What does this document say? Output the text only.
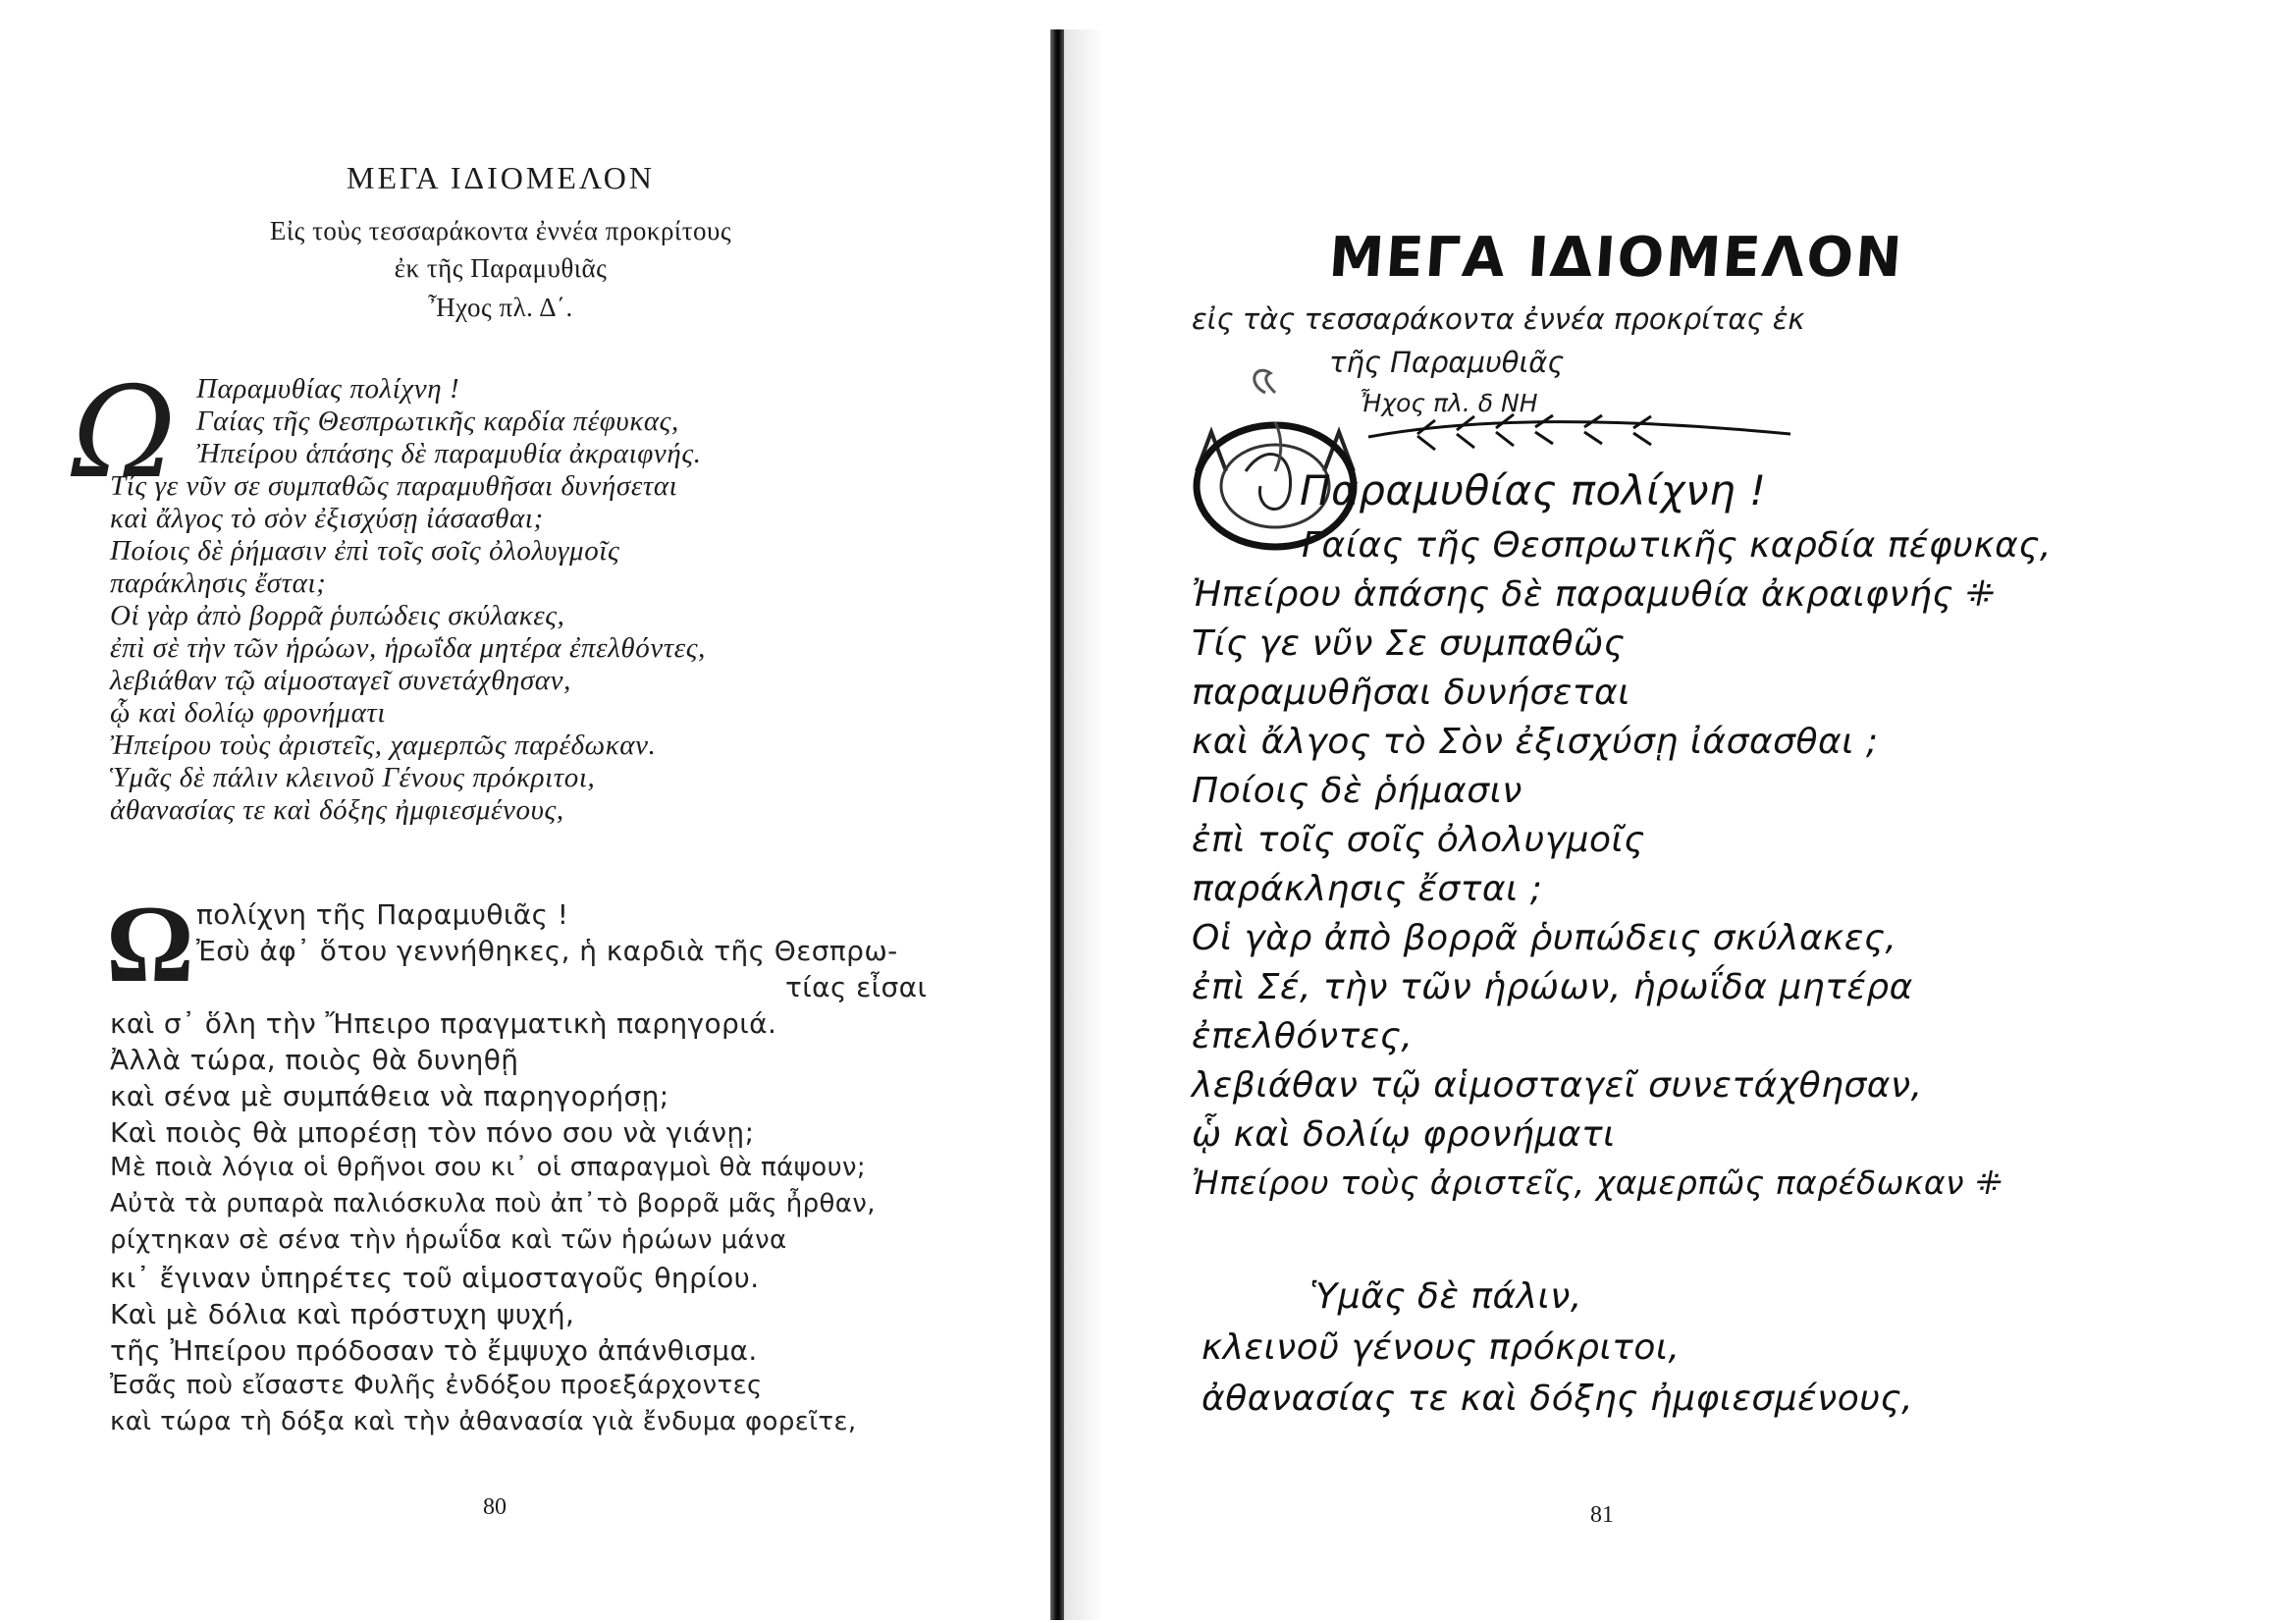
ΜΕΓΑ ΙΔΙΟΜΕΛΟΝ
Εἰς τοὺς τεσσαράκοντα ἐννέα προκρίτους
ἐκ τῆς Παραμυθιᾶς
Ἦχος πλ. Δ΄.
Ω Παραμυθίας πολίχνη !
Γαίας τῆς Θεσπρωτικῆς καρδία πέφυκας,
Ἠπείρου ἁπάσης δὲ παραμυθία ἀκραιφνής.
Τίς γε νῦν σε συμπαθῶς παραμυθῆσαι δυνήσεται
καὶ ἄλγος τὸ σὸν ἐξισχύσῃ ἰάσασθαι;
Ποίοις δὲ ῥήμασιν ἐπὶ τοῖς σοῖς ὀλολυγμοῖς
παράκλησις ἔσται;
Οἱ γὰρ ἀπὸ βορρᾶ ῥυπώδεις σκύλακες,
ἐπὶ σὲ τὴν τῶν ἡρώων, ἡρωΐδα μητέρα ἐπελθόντες,
λεβιάθαν τῷ αἱμοσταγεῖ συνετάχθησαν,
ᾧ καὶ δολίῳ φρονήματι
Ἠπείρου τοὺς ἀριστεῖς, χαμερπῶς παρέδωκαν.
Ὑμᾶς δὲ πάλιν κλεινοῦ Γένους πρόκριτοι,
ἀθανασίας τε καὶ δόξης ἠμφιεσμένους,
Ω πολίχνη τῆς Παραμυθιᾶς !
Ἐσὺ ἀφ᾽ ὅτου γεννήθηκες, ἡ καρδιὰ τῆς Θεσπρω-
τίας εἶσαι
καὶ σ᾽ ὅλη τὴν Ἤπειρο πραγματικὴ παρηγοριά.
Ἀλλὰ τώρα, ποιὸς θὰ δυνηθῇ
καὶ σένα μὲ συμπάθεια νὰ παρηγορήσῃ;
Καὶ ποιὸς θὰ μπορέσῃ τὸν πόνο σου νὰ γιάνῃ;
Μὲ ποιὰ λόγια οἱ θρῆνοι σου κι᾽ οἱ σπαραγμοὶ θὰ πάψουν;
Αὐτὰ τὰ ρυπαρὰ παλιόσκυλα ποὺ ἀπ᾽τὸ βορρᾶ μᾶς ἦρθαν,
ρίχτηκαν σὲ σένα τὴν ἡρωΐδα καὶ τῶν ἡρώων μάνα
κι᾽ ἔγιναν ὑπηρέτες τοῦ αἱμοσταγοῦς θηρίου.
Καὶ μὲ δόλια καὶ πρόστυχη ψυχή,
τῆς Ἠπείρου πρόδοσαν τὸ ἔμψυχο ἀπάνθισμα.
Ἐσᾶς ποὺ εἴσαστε Φυλῆς ἐνδόξου προεξάρχοντες
καὶ τώρα τὴ δόξα καὶ τὴν ἀθανασία γιὰ ἔνδυμα φορεῖτε,
80
ΜΕΓΑ ΙΔΙΟΜΕΛΟΝ
εἰς τὰς τεσσαράκοντα ἐννέα προκρίτας ἐκ
τῆς Παραμυθιᾶς
Ἦχος πλ. δ ΝΗ
Παραμυθίας πολίχνη !
Γαίας τῆς Θεσπρωτικῆς καρδία πέφυκας,
Ἠπείρου ἁπάσης δὲ παραμυθία ἀκραιφνής ⁜
Τίς γε νῦν Σε συμπαθῶς
παραμυθῆσαι δυνήσεται
καὶ ἄλγος τὸ Σὸν ἐξισχύσῃ ἰάσασθαι ;
Ποίοις δὲ ῥήμασιν
ἐπὶ τοῖς σοῖς ὀλολυγμοῖς
παράκλησις ἔσται ;
Οἱ γὰρ ἀπὸ βορρᾶ ῥυπώδεις σκύλακες,
ἐπὶ Σέ, τὴν τῶν ἡρώων, ἡρωΐδα μητέρα
ἐπελθόντες,
λεβιάθαν τῷ αἱμοσταγεῖ συνετάχθησαν,
ᾧ καὶ δολίῳ φρονήματι
Ἠπείρου τοὺς ἀριστεῖς, χαμερπῶς παρέδωκαν ⁜
Ὑμᾶς δὲ πάλιν,
κλεινοῦ γένους πρόκριτοι,
ἀθανασίας τε καὶ δόξης ἠμφιεσμένους,
81
